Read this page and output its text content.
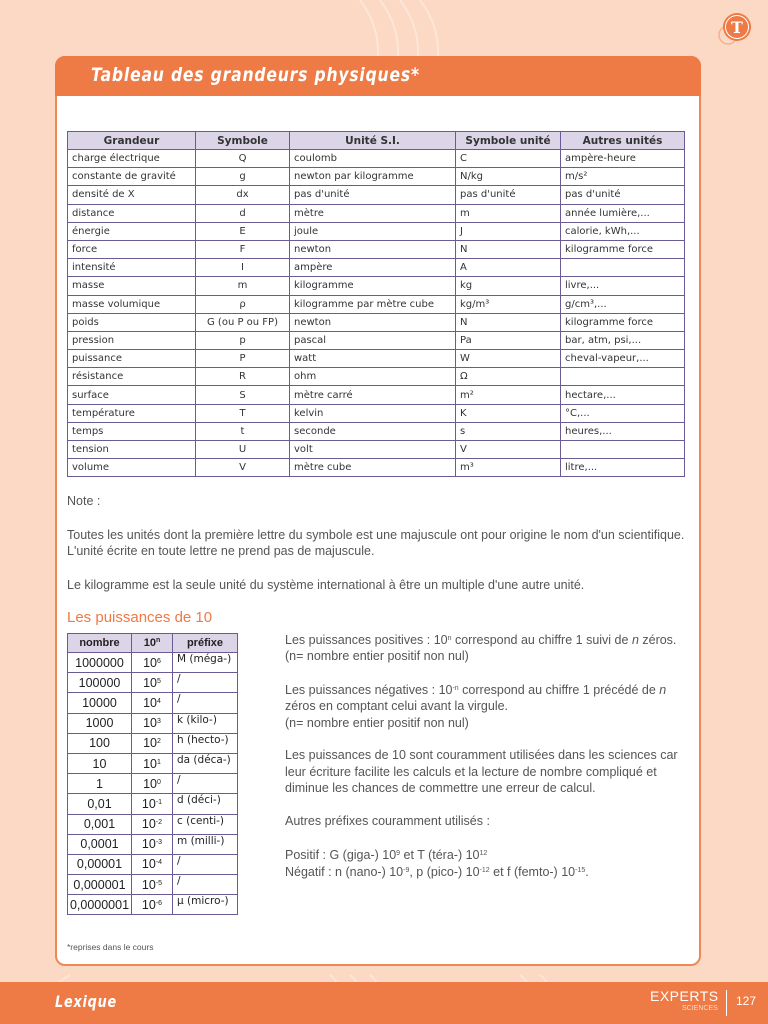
T
Tableau des grandeurs physiques*
Grandeur	Symbole	Unité S.I.	Symbole unité	Autres unités
charge électrique	Q	coulomb	C	ampère-heure
constante de gravité	g	newton par kilogramme	N/kg	m/s²
densité de X	dx	pas d'unité	pas d'unité	pas d'unité
distance	d	mètre	m	année lumière,...
énergie	E	joule	J	calorie, kWh,...
force	F	newton	N	kilogramme force
intensité	I	ampère	A	
masse	m	kilogramme	kg	livre,...
masse volumique	ρ	kilogramme par mètre cube	kg/m³	g/cm³,...
poids	G (ou P ou FP)	newton	N	kilogramme force
pression	p	pascal	Pa	bar, atm, psi,...
puissance	P	watt	W	cheval-vapeur,...
résistance	R	ohm	Ω	
surface	S	mètre carré	m²	hectare,...
température	T	kelvin	K	°C,...
temps	t	seconde	s	heures,...
tension	U	volt	V	
volume	V	mètre cube	m³	litre,...

Note :

Toutes les unités dont la première lettre du symbole est une majuscule ont pour origine le nom d'un scientifique. L'unité écrite en toute lettre ne prend pas de majuscule.

Le kilogramme est la seule unité du système international à être un multiple d'une autre unité.

Les puissances de 10
nombre	10$^n$	préfixe
1000000	$10^6$	M (méga-)
100000	$10^5$	/
10000	$10^4$	/
1000	$10^3$	k (kilo-)
100	$10^2$	h (hecto-)
10	$10^1$	da (déca-)
1	$10^0$	/
0,01	$10^{-1}$	d (déci-)
0,001	$10^{-2}$	c (centi-)
0,0001	$10^{-3}$	m (milli-)
0,00001	$10^{-4}$	/
0,000001	$10^{-5}$	/
0,0000001	$10^{-6}$	μ (micro-)

Les puissances positives : 10$^n$ correspond au chiffre 1 suivi de n zéros. (n= nombre entier positif non nul)

Les puissances négatives : $10^{-n}$ correspond au chiffre 1 précédé de n zéros en comptant celui avant la virgule.
(n= nombre entier positif non nul)

Les puissances de 10 sont couramment utilisées dans les sciences car leur écriture facilite les calculs et la lecture de nombre compliqué et diminue les chances de commettre une erreur de calcul.

Autres préfixes couramment utilisés :

Positif : G (giga-) $10^9$ et T (téra-) $10^{12}$
Négatif : n (nano-) $10^{-9}$, p (pico-) $10^{-12}$ et f (femto-) $10^{-15}$.

*reprises dans le cours
Lexique	EXPERTS
SCIENCES
127
